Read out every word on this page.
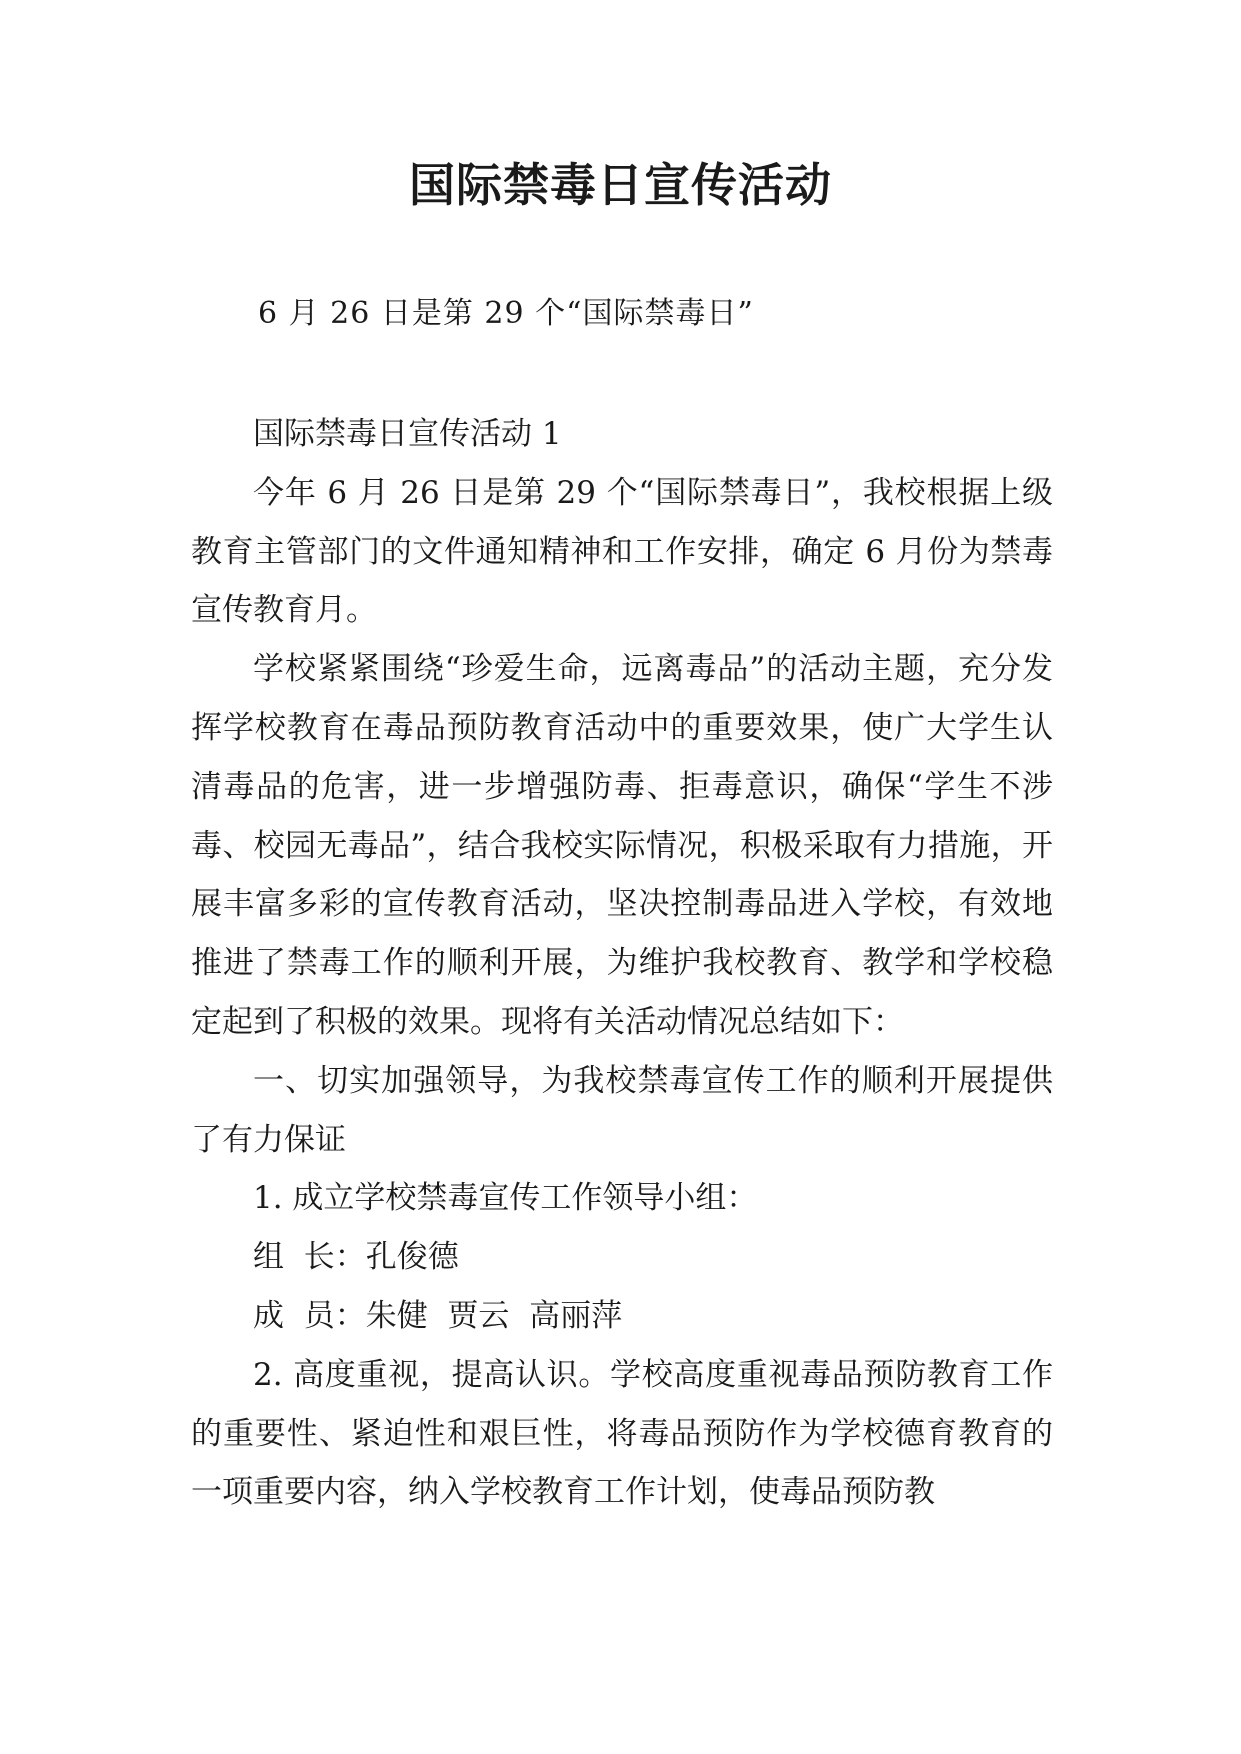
国际禁毒日宣传活动
6 月 26 日是第 29 个“国际禁毒日”

国际禁毒日宣传活动 1

今年 6 月 26 日是第 29 个“国际禁毒日”，我校根据上级教育主管部门的文件通知精神和工作安排，确定 6 月份为禁毒宣传教育月。

学校紧紧围绕“珍爱生命，远离毒品”的活动主题，充分发挥学校教育在毒品预防教育活动中的重要效果，使广大学生认清毒品的危害，进一步增强防毒、拒毒意识，确保“学生不涉毒、校园无毒品”，结合我校实际情况，积极采取有力措施，开展丰富多彩的宣传教育活动，坚决控制毒品进入学校，有效地推进了禁毒工作的顺利开展，为维护我校教育、教学和学校稳定起到了积极的效果。现将有关活动情况总结如下：

一、切实加强领导，为我校禁毒宣传工作的顺利开展提供了有力保证

1. 成立学校禁毒宣传工作领导小组：

组  长：孔俊德

成  员：朱健  贾云  高丽萍

2. 高度重视，提高认识。学校高度重视毒品预防教育工作的重要性、紧迫性和艰巨性，将毒品预防作为学校德育教育的一项重要内容，纳入学校教育工作计划，使毒品预防教
